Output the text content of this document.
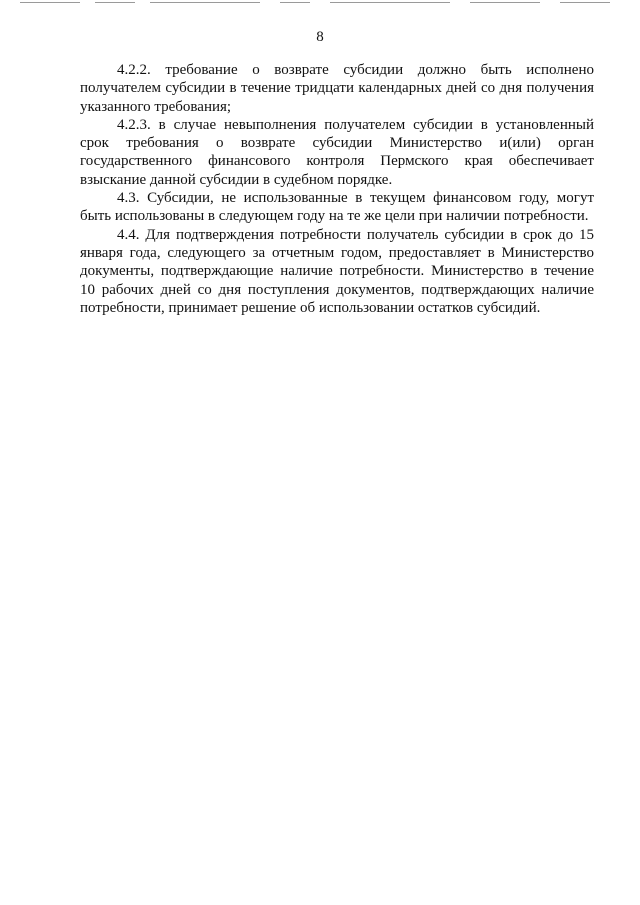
8

4.2.2. требование о возврате субсидии должно быть исполнено получателем субсидии в течение тридцати календарных дней со дня получения указанного требования;

4.2.3. в случае невыполнения получателем субсидии в установленный срок требования о возврате субсидии Министерство и(или) орган государственного финансового контроля Пермского края обеспечивает взыскание данной субсидии в судебном порядке.

4.3. Субсидии, не использованные в текущем финансовом году, могут быть использованы в следующем году на те же цели при наличии потребности.

4.4. Для подтверждения потребности получатель субсидии в срок до 15 января года, следующего за отчетным годом, предоставляет в Министерство документы, подтверждающие наличие потребности. Министерство в течение 10 рабочих дней со дня поступления документов, подтверждающих наличие потребности, принимает решение об использовании остатков субсидий.
